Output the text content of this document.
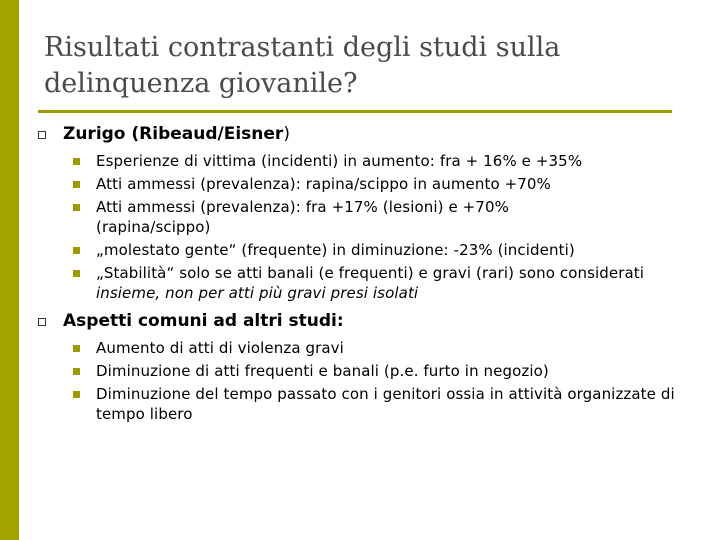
Risultati contrastanti degli studi sulla delinquenza giovanile?
Zurigo (Ribeaud/Eisner)
Esperienze di vittima (incidenti) in aumento: fra + 16% e +35%
Atti ammessi (prevalenza): rapina/scippo in aumento +70%
Atti ammessi (prevalenza): fra +17% (lesioni) e +70% (rapina/scippo)
„molestato gente“ (frequente) in diminuzione: -23% (incidenti)
„Stabilità“ solo se atti banali (e frequenti) e gravi (rari) sono considerati insieme, non per atti più gravi presi isolati
Aspetti comuni ad altri studi:
Aumento di atti di violenza gravi
Diminuzione di atti frequenti e banali (p.e. furto in negozio)
Diminuzione del tempo passato con i genitori ossia in attività organizzate di tempo libero
